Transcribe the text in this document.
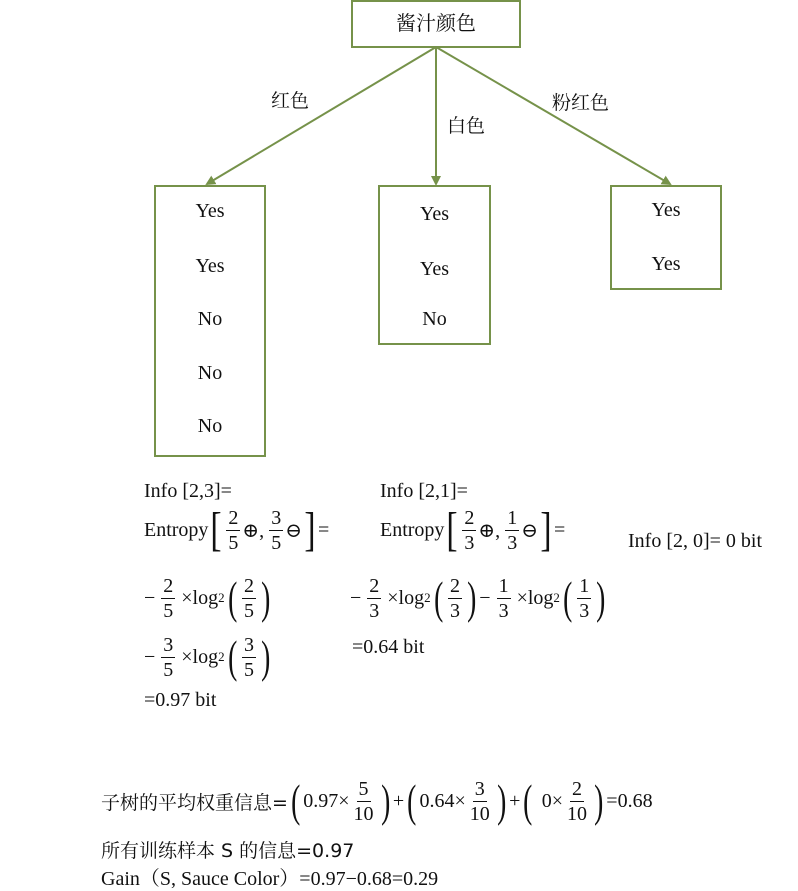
酱汁颜色
红色
白色
粉红色
Yes
Yes
No
No
No
Yes
Yes
No
Yes
Yes
Info [2,3]=
Entropy [ $\frac{2}{5}$ ⊕, $\frac{3}{5}$ ⊖ ] =
− $\frac{2}{5} \times\log$ 2 ( $\frac{2}{5}$ )
− $\frac{3}{5} \times\log$ 2 ( $\frac{3}{5}$ )
=0.97 bit
Info [2,1]=
Entropy [ $\frac{2}{3}$ ⊕, $\frac{1}{3}$ ⊖ ] =
− $\frac{2}{3} \times\log$ 2 ( $\frac{2}{3}$ ) − $\frac{1}{3} \times\log$ 2 ( $\frac{1}{3}$ )
=0.64 bit
Info [2, 0]= 0 bit
子树的平均权重信息= ( $0.97\times \frac{5}{10}$ ) + ( $0.64\times \frac{3}{10}$ ) + ( $0\times \frac{2}{10}$ ) =0.68
所有训练样本 S 的信息=0.97
Gain（S, Sauce Color）=0.97−0.68=0.29
